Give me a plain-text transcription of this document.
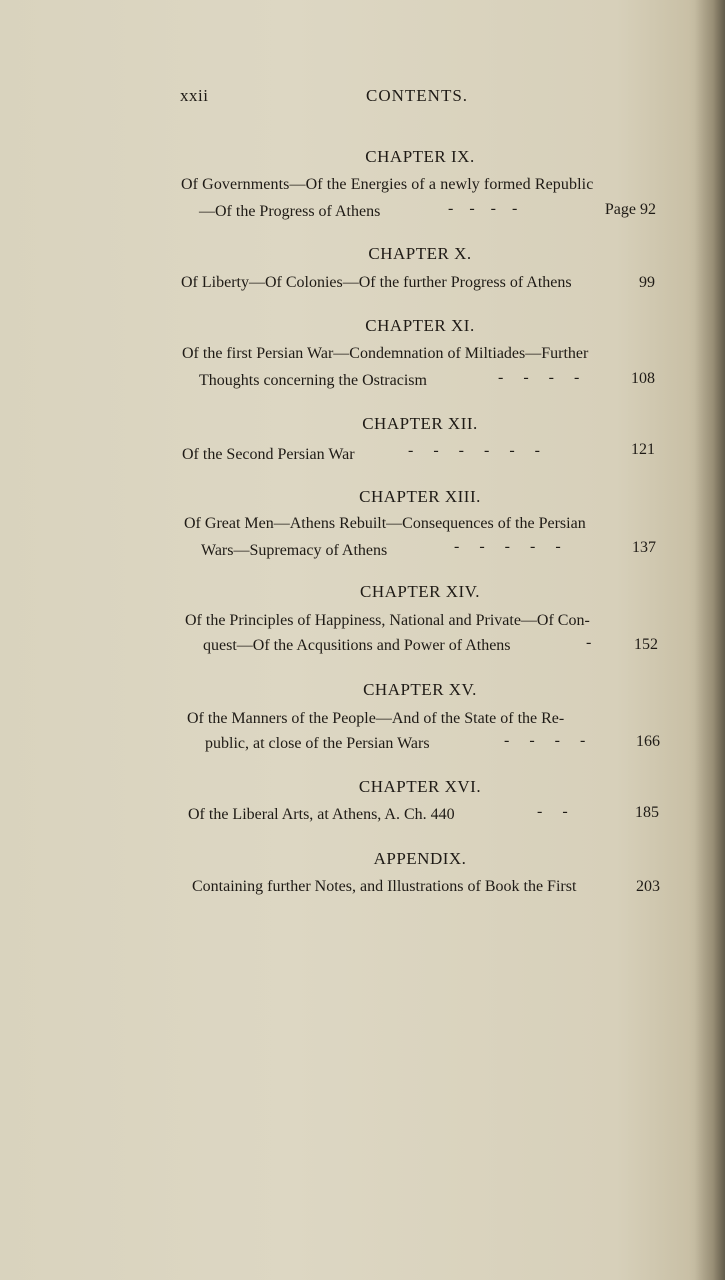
xxii	CONTENTS.
CHAPTER IX.
Of Governments—Of the Energies of a newly formed Republic
—Of the Progress of Athens	-    -    -    -	Page 92
CHAPTER X.
Of Liberty—Of Colonies—Of the further Progress of Athens	99
CHAPTER XI.
Of the first Persian War—Condemnation of Miltiades—Further
Thoughts concerning the Ostracism	-     -     -     -	108
CHAPTER XII.
Of the Second Persian War	-     -     -     -     -     -	121
CHAPTER XIII.
Of Great Men—Athens Rebuilt—Consequences of the Persian
Wars—Supremacy of Athens	-     -     -     -     -	137
CHAPTER XIV.
Of the Principles of Happiness, National and Private—Of Con-
quest—Of the Acqusitions and Power of Athens	-	152
CHAPTER XV.
Of the Manners of the People—And of the State of the Re-
public, at close of the Persian Wars	-     -     -     -	166
CHAPTER XVI.
Of the Liberal Arts, at Athens, A. Ch. 440	-     -	185
APPENDIX.
Containing further Notes, and Illustrations of Book the First	203
